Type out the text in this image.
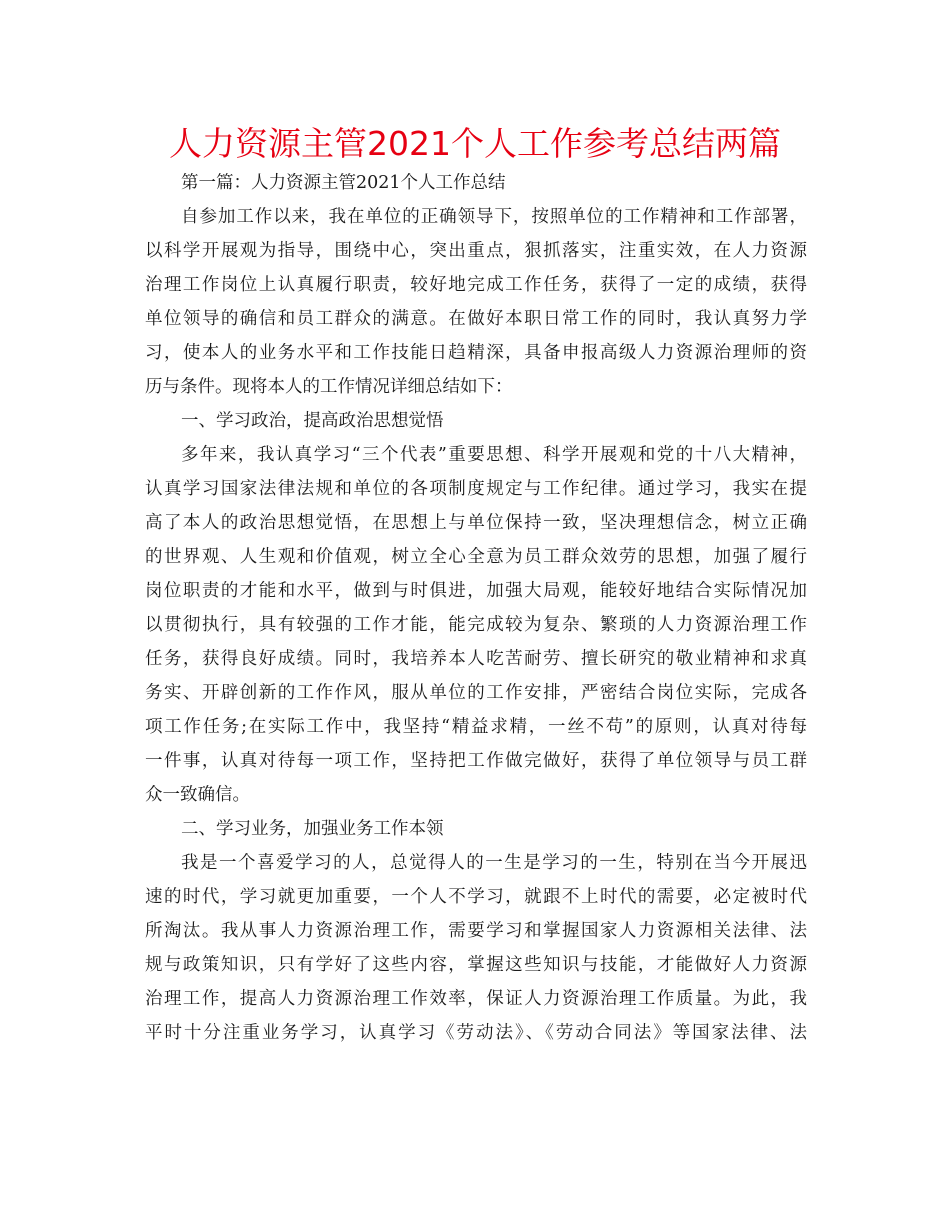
人力资源主管2021个人工作参考总结两篇
第一篇：人力资源主管2021个人工作总结
自参加工作以来，我在单位的正确领导下，按照单位的工作精神和工作部署，
以科学开展观为指导，围绕中心，突出重点，狠抓落实，注重实效，在人力资源
治理工作岗位上认真履行职责，较好地完成工作任务，获得了一定的成绩，获得
单位领导的确信和员工群众的满意。在做好本职日常工作的同时，我认真努力学
习，使本人的业务水平和工作技能日趋精深，具备申报高级人力资源治理师的资
历与条件。现将本人的工作情况详细总结如下：
一、学习政治，提高政治思想觉悟
多年来，我认真学习“三个代表”重要思想、科学开展观和党的十八大精神，
认真学习国家法律法规和单位的各项制度规定与工作纪律。通过学习，我实在提
高了本人的政治思想觉悟，在思想上与单位保持一致，坚决理想信念，树立正确
的世界观、人生观和价值观，树立全心全意为员工群众效劳的思想，加强了履行
岗位职责的才能和水平，做到与时俱进，加强大局观，能较好地结合实际情况加
以贯彻执行，具有较强的工作才能，能完成较为复杂、繁琐的人力资源治理工作
任务，获得良好成绩。同时，我培养本人吃苦耐劳、擅长研究的敬业精神和求真
务实、开辟创新的工作作风，服从单位的工作安排，严密结合岗位实际，完成各
项工作任务;在实际工作中，我坚持“精益求精，一丝不苟”的原则，认真对待每
一件事，认真对待每一项工作，坚持把工作做完做好，获得了单位领导与员工群
众一致确信。
二、学习业务，加强业务工作本领
我是一个喜爱学习的人，总觉得人的一生是学习的一生，特别在当今开展迅
速的时代，学习就更加重要，一个人不学习，就跟不上时代的需要，必定被时代
所淘汰。我从事人力资源治理工作，需要学习和掌握国家人力资源相关法律、法
规与政策知识，只有学好了这些内容，掌握这些知识与技能，才能做好人力资源
治理工作，提高人力资源治理工作效率，保证人力资源治理工作质量。为此，我
平时十分注重业务学习，认真学习《劳动法》、《劳动合同法》等国家法律、法
